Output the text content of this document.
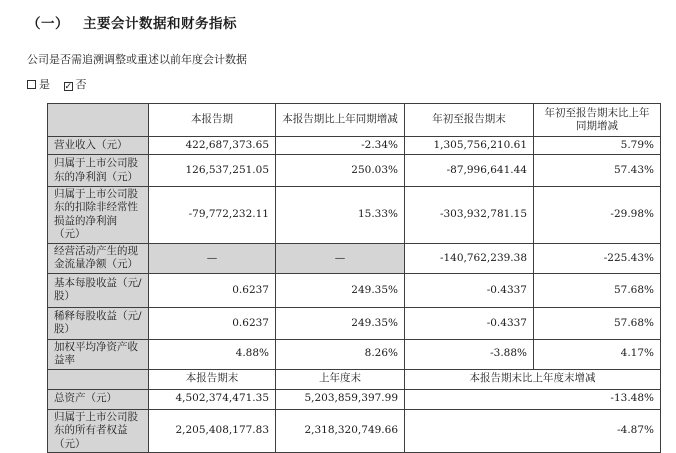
（一） 主要会计数据和财务指标

公司是否需追溯调整或重述以前年度会计数据

是 ✓ 否
	本报告期	本报告期比上年同期增减	年初至报告期末	年初至报告期末比上年同期增减
营业收入（元）	422,687,373.65	-2.34%	1,305,756,210.61	5.79%
归属于上市公司股东的净利润（元）	126,537,251.05	250.03%	-87,996,641.44	57.43%
归属于上市公司股东的扣除非经常性损益的净利润（元）	-79,772,232.11	15.33%	-303,932,781.15	-29.98%
经营活动产生的现金流量净额（元）	—	—	-140,762,239.38	-225.43%
基本每股收益（元/股）	0.6237	249.35%	-0.4337	57.68%
稀释每股收益（元/股）	0.6237	249.35%	-0.4337	57.68%
加权平均净资产收益率	4.88%	8.26%	-3.88%	4.17%
	本报告期末	上年度末	本报告期末比上年度末增减	
总资产（元）	4,502,374,471.35	5,203,859,397.99	-13.48%	
归属于上市公司股东的所有者权益（元）	2,205,408,177.83	2,318,320,749.66	-4.87%	
